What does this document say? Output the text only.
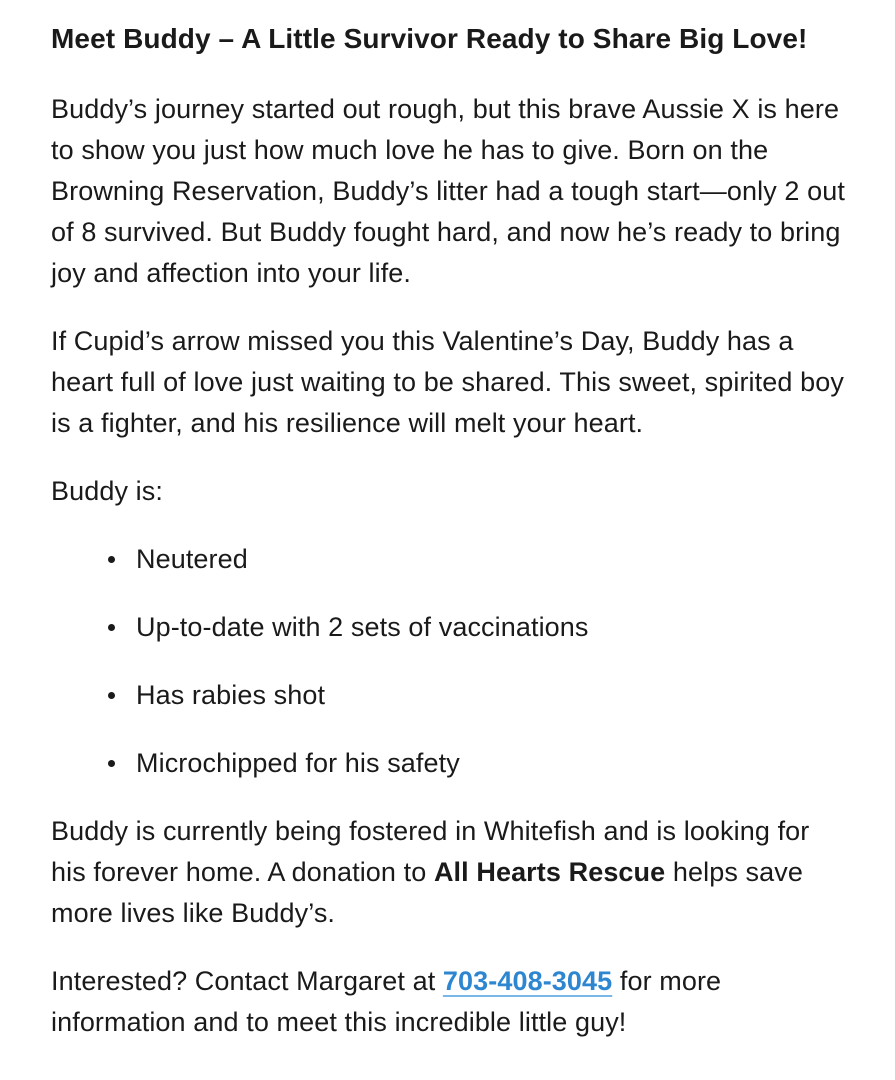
Meet Buddy – A Little Survivor Ready to Share Big Love!

Buddy’s journey started out rough, but this brave Aussie X is here to show you just how much love he has to give. Born on the Browning Reservation, Buddy’s litter had a tough start—only 2 out of 8 survived. But Buddy fought hard, and now he’s ready to bring joy and affection into your life.

If Cupid’s arrow missed you this Valentine’s Day, Buddy has a heart full of love just waiting to be shared. This sweet, spirited boy is a fighter, and his resilience will melt your heart.

Buddy is:

Neutered
Up-to-date with 2 sets of vaccinations
Has rabies shot
Microchipped for his safety

Buddy is currently being fostered in Whitefish and is looking for his forever home. A donation to All Hearts Rescue helps save more lives like Buddy’s.

Interested? Contact Margaret at 703-408-3045 for more information and to meet this incredible little guy!
